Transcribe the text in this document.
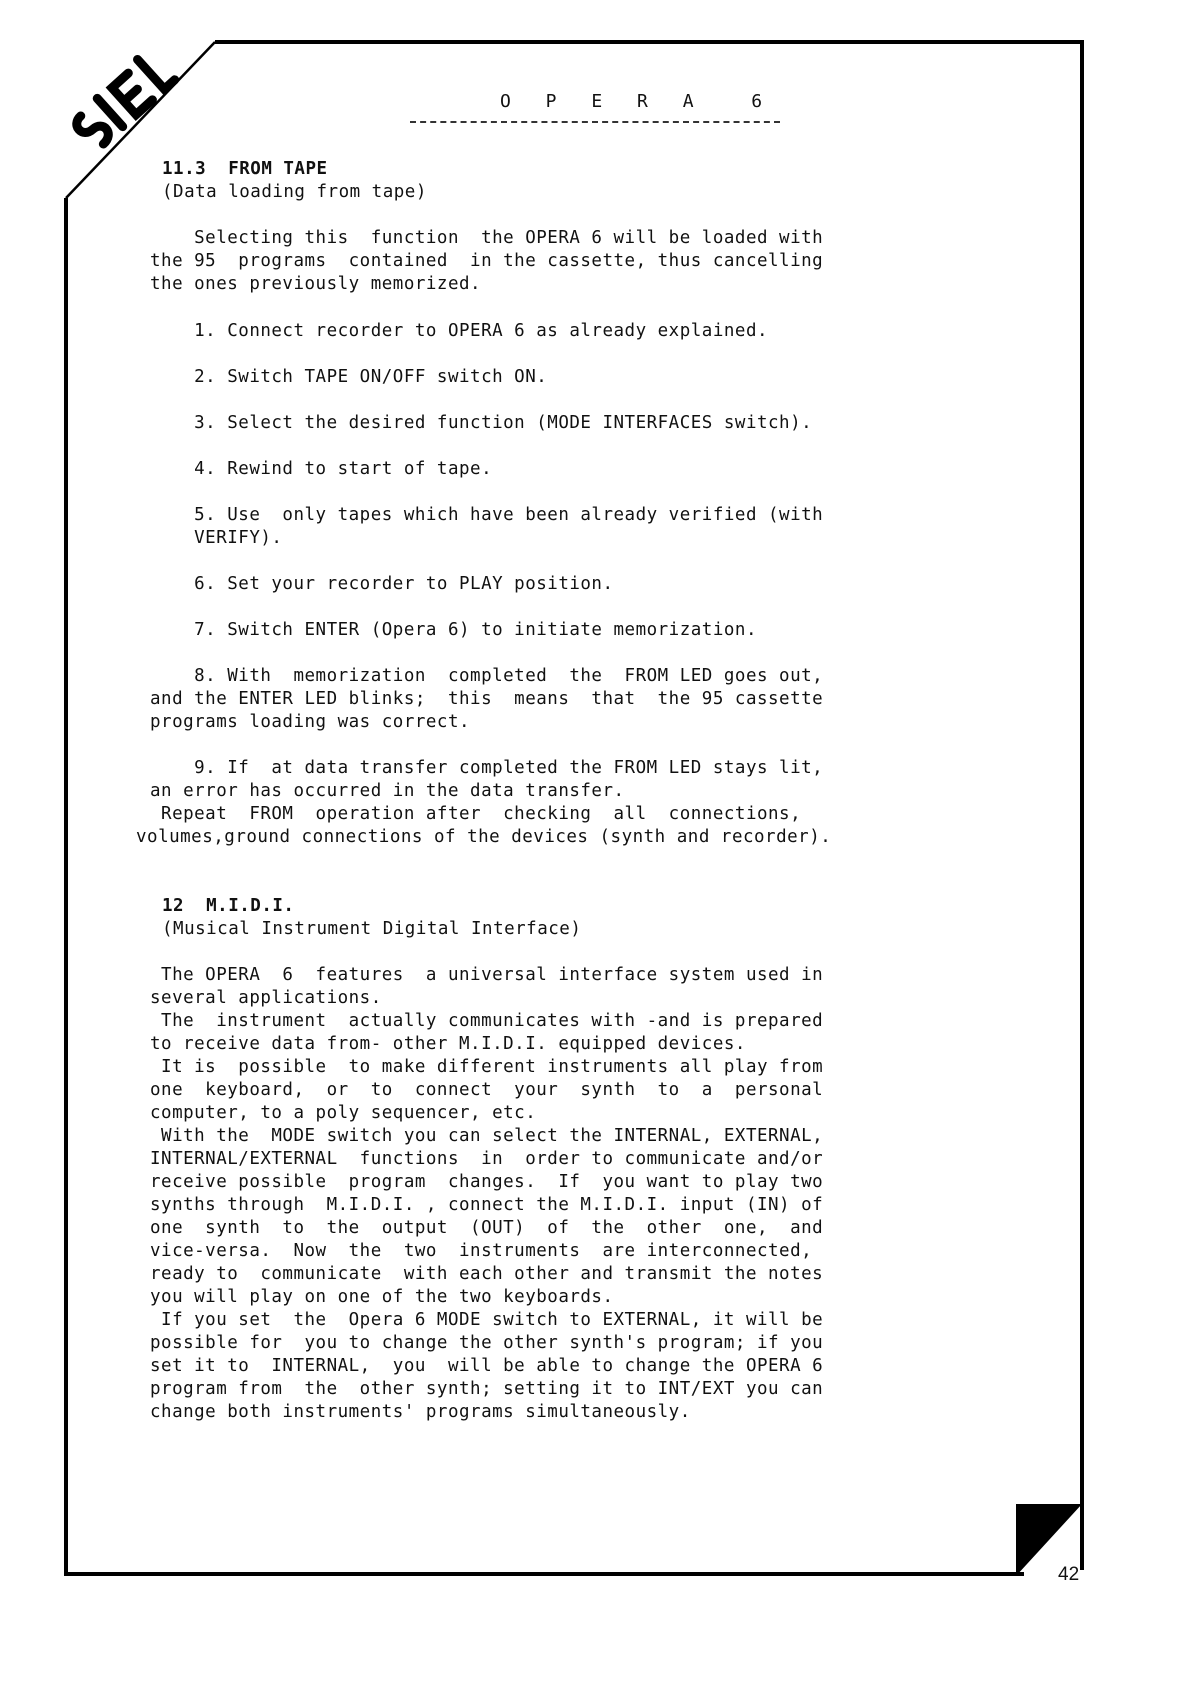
O P E R A  6
11.3  FROM TAPE
(Data loading from tape)
Selecting this  function  the OPERA 6 will be loaded with
the 95  programs  contained  in the cassette, thus cancelling
the ones previously memorized.
1. Connect recorder to OPERA 6 as already explained.
2. Switch TAPE ON/OFF switch ON.
3. Select the desired function (MODE INTERFACES switch).
4. Rewind to start of tape.
5. Use  only tapes which have been already verified (with
VERIFY).
6. Set your recorder to PLAY position.
7. Switch ENTER (Opera 6) to initiate memorization.
8. With  memorization  completed  the  FROM LED goes out,
and the ENTER LED blinks;  this  means  that  the 95 cassette
programs loading was correct.
9. If  at data transfer completed the FROM LED stays lit,
an error has occurred in the data transfer.
Repeat  FROM  operation after  checking  all  connections,
volumes,ground connections of the devices (synth and recorder).
12  M.I.D.I.
(Musical Instrument Digital Interface)
The OPERA  6  features  a universal interface system used in
several applications.
The  instrument  actually communicates with -and is prepared
to receive data from- other M.I.D.I. equipped devices.
It is  possible  to make different instruments all play from
one  keyboard,  or  to  connect  your  synth  to  a  personal
computer, to a poly sequencer, etc.
With the  MODE switch you can select the INTERNAL, EXTERNAL,
INTERNAL/EXTERNAL  functions  in  order to communicate and/or
receive possible  program  changes.  If  you want to play two
synths through  M.I.D.I. , connect the M.I.D.I. input (IN) of
one  synth  to  the  output  (OUT)  of  the  other  one,  and
vice-versa.  Now  the  two  instruments  are interconnected,
ready to  communicate  with each other and transmit the notes
you will play on one of the two keyboards.
If you set  the  Opera 6 MODE switch to EXTERNAL, it will be
possible for  you to change the other synth's program; if you
set it to  INTERNAL,  you  will be able to change the OPERA 6
program from  the  other synth; setting it to INT/EXT you can
change both instruments' programs simultaneously.
42
